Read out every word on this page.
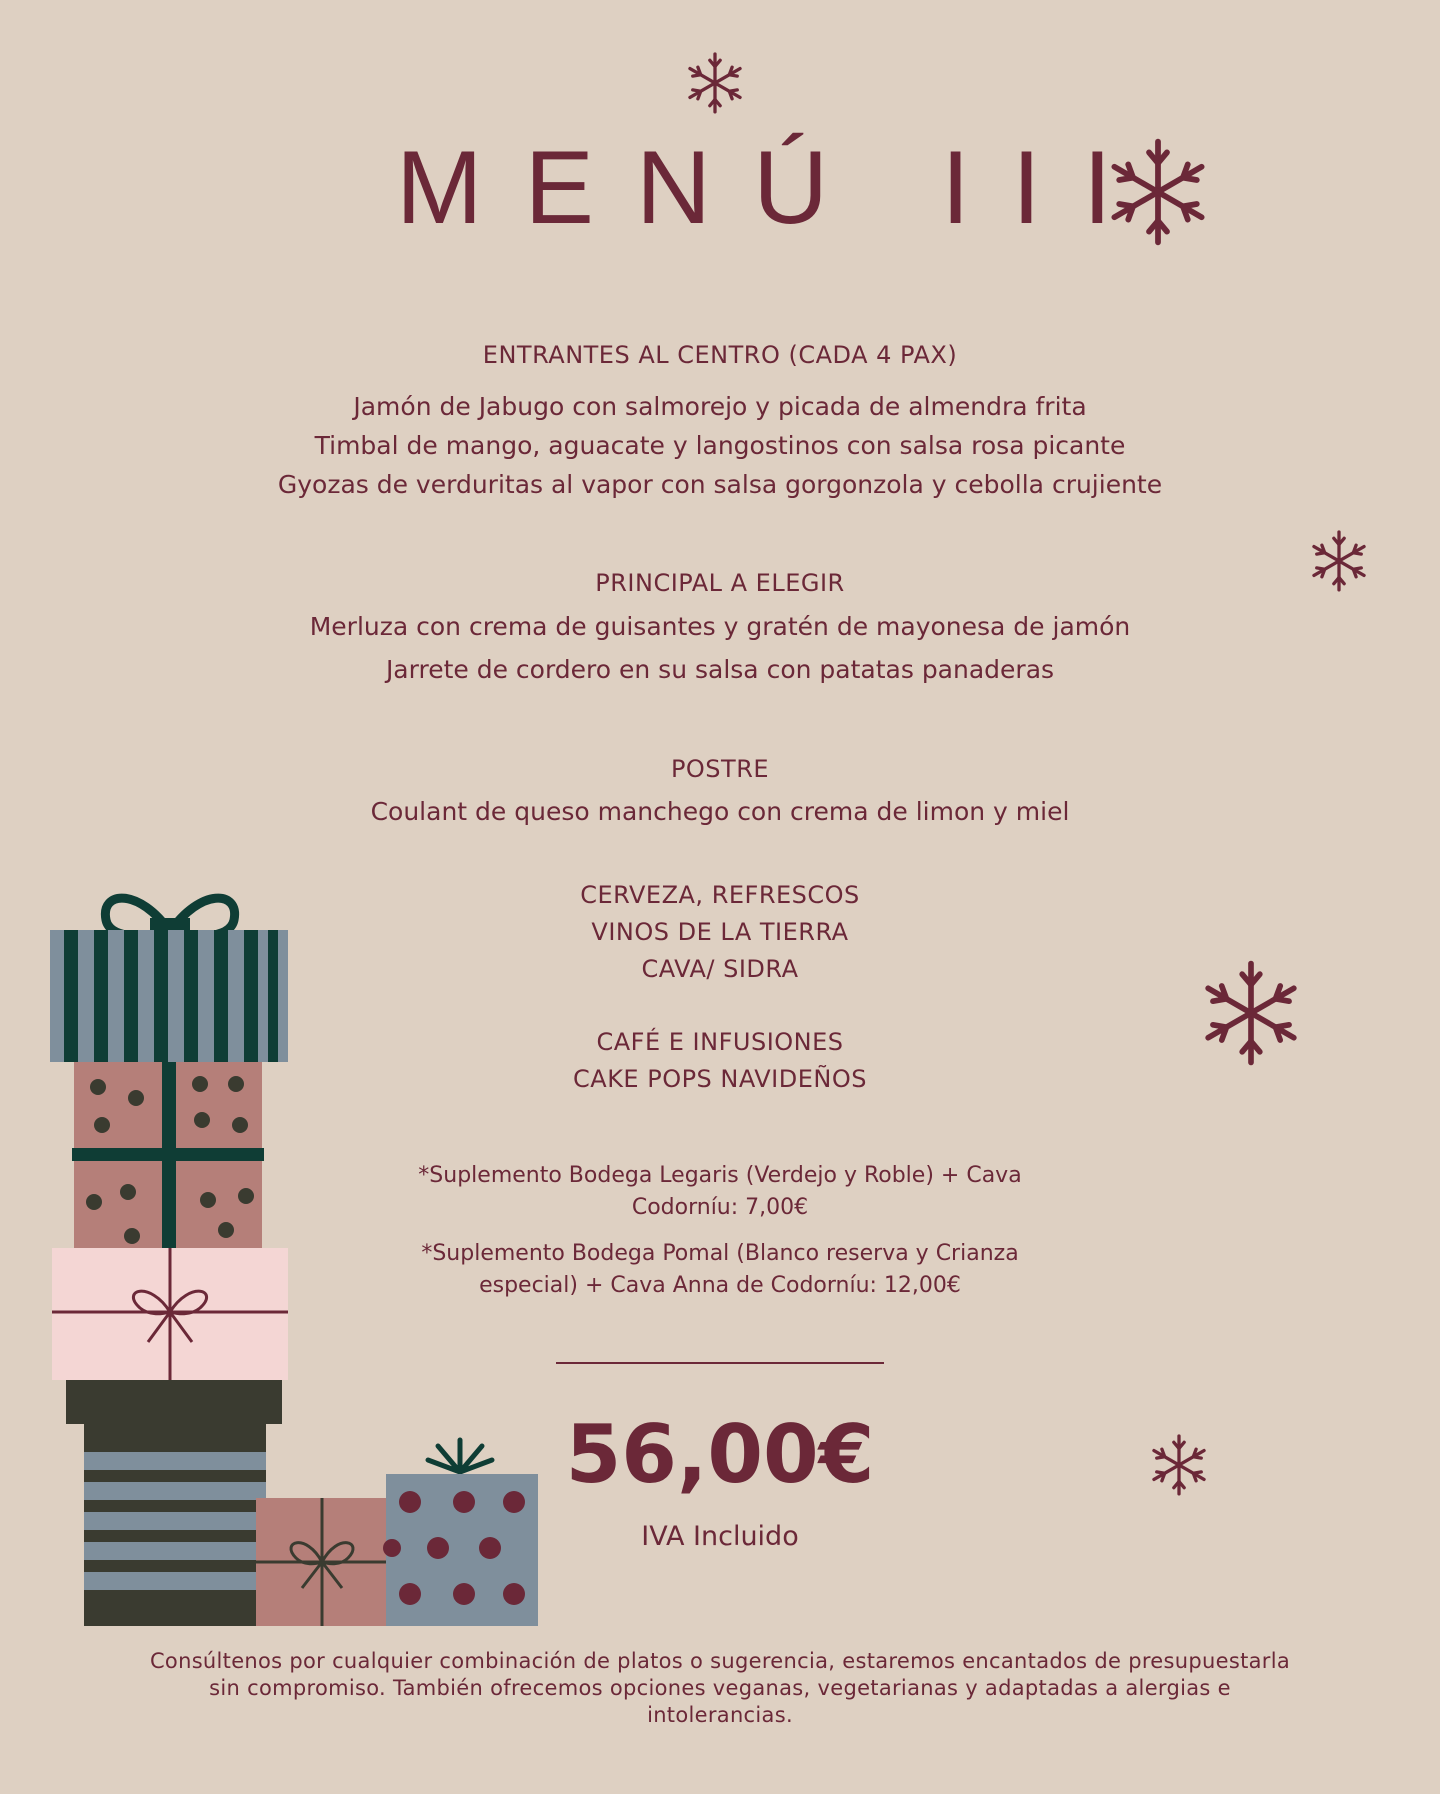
MENÚ III
ENTRANTES AL CENTRO (CADA 4 PAX)
Jamón de Jabugo con salmorejo y picada de almendra frita
Timbal de mango, aguacate y langostinos con salsa rosa picante
Gyozas de verduritas al vapor con salsa gorgonzola y cebolla crujiente
PRINCIPAL A ELEGIR
Merluza con crema de guisantes y gratén de mayonesa de jamón
Jarrete de cordero en su salsa con patatas panaderas
POSTRE
Coulant de queso manchego con crema de limon y miel
CERVEZA, REFRESCOS
VINOS DE LA TIERRA
CAVA/ SIDRA
CAFÉ E INFUSIONES
CAKE POPS NAVIDEÑOS
*Suplemento Bodega Legaris (Verdejo y Roble) + Cava
Codorníu: 7,00€
*Suplemento Bodega Pomal (Blanco reserva y Crianza
especial) + Cava Anna de Codorníu: 12,00€
56,00€
IVA Incluido
Consúltenos por cualquier combinación de platos o sugerencia, estaremos encantados de presupuestarla
sin compromiso. También ofrecemos opciones veganas, vegetarianas y adaptadas a alergias e
intolerancias.
